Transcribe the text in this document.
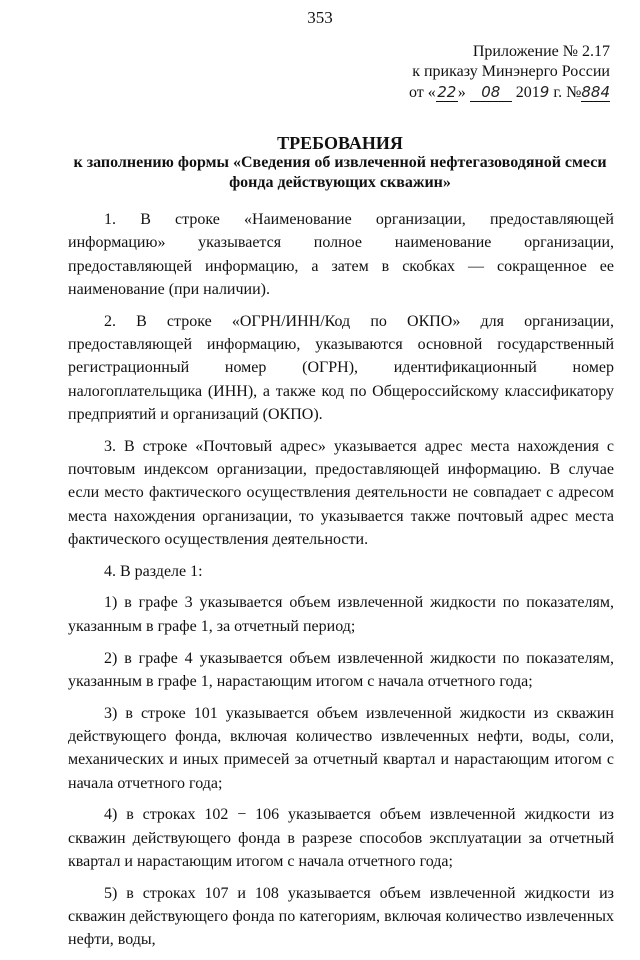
353
Приложение № 2.17
к приказу Минэнерго России
от «22» 08 2019 г. №884
ТРЕБОВАНИЯ
к заполнению формы «Сведения об извлеченной нефтегазоводяной смеси
фонда действующих скважин»

1. В строке «Наименование организации, предоставляющей информацию» указывается полное наименование организации, предоставляющей информацию, а затем в скобках — сокращенное ее наименование (при наличии).

2. В строке «ОГРН/ИНН/Код по ОКПО» для организации, предоставляющей информацию, указываются основной государственный регистрационный номер (ОГРН), идентификационный номер налогоплательщика (ИНН), а также код по Общероссийскому классификатору предприятий и организаций (ОКПО).

3. В строке «Почтовый адрес» указывается адрес места нахождения с почтовым индексом организации, предоставляющей информацию. В случае если место фактического осуществления деятельности не совпадает с адресом места нахождения организации, то указывается также почтовый адрес места фактического осуществления деятельности.

4. В разделе 1:

1) в графе 3 указывается объем извлеченной жидкости по показателям, указанным в графе 1, за отчетный период;

2) в графе 4 указывается объем извлеченной жидкости по показателям, указанным в графе 1, нарастающим итогом с начала отчетного года;

3) в строке 101 указывается объем извлеченной жидкости из скважин действующего фонда, включая количество извлеченных нефти, воды, соли, механических и иных примесей за отчетный квартал и нарастающим итогом с начала отчетного года;

4) в строках 102 − 106 указывается объем извлеченной жидкости из скважин действующего фонда в разрезе способов эксплуатации за отчетный квартал и нарастающим итогом с начала отчетного года;

5) в строках 107 и 108 указывается объем извлеченной жидкости из скважин действующего фонда по категориям, включая количество извлеченных нефти, воды,
